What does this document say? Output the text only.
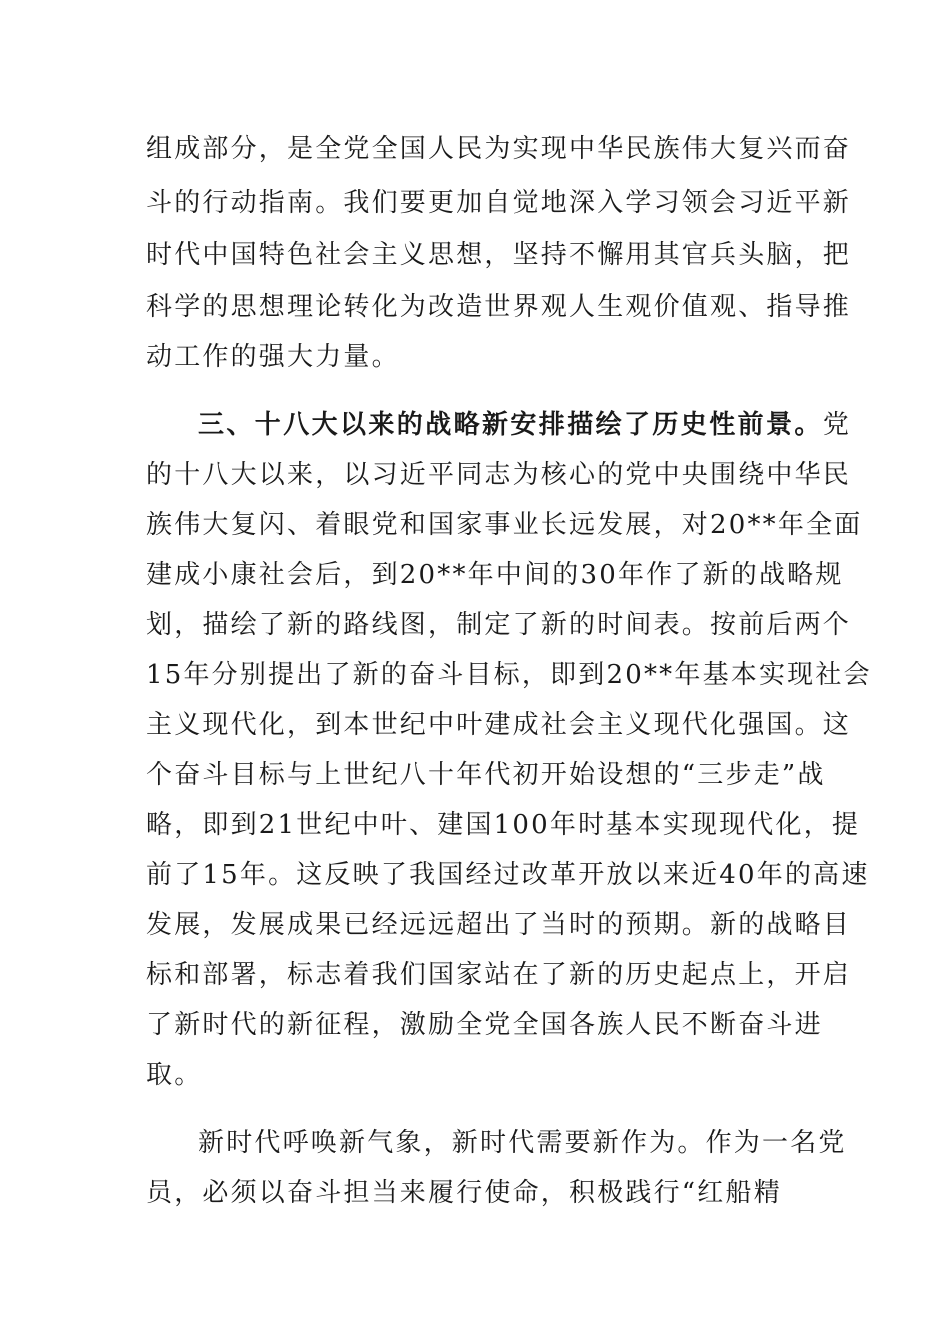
组成部分，是全党全国人民为实现中华民族伟大复兴而奋
斗的行动指南。我们要更加自觉地深入学习领会习近平新
时代中国特色社会主义思想，坚持不懈用其官兵头脑，把
科学的思想理论转化为改造世界观人生观价值观、指导推
动工作的强大力量。
三、十八大以来的战略新安排描绘了历史性前景。党
的十八大以来，以习近平同志为核心的党中央围绕中华民
族伟大复闪、着眼党和国家事业长远发展，对20**年全面
建成小康社会后，到20**年中间的30年作了新的战略规
划，描绘了新的路线图，制定了新的时间表。按前后两个
15年分别提出了新的奋斗目标，即到20**年基本实现社会
主义现代化，到本世纪中叶建成社会主义现代化强国。这
个奋斗目标与上世纪八十年代初开始设想的“三步走”战
略，即到21世纪中叶、建国100年时基本实现现代化，提
前了15年。这反映了我国经过改革开放以来近40年的高速
发展，发展成果已经远远超出了当时的预期。新的战略目
标和部署，标志着我们国家站在了新的历史起点上，开启
了新时代的新征程，激励全党全国各族人民不断奋斗进
取。
新时代呼唤新气象，新时代需要新作为。作为一名党
员，必须以奋斗担当来履行使命，积极践行“红船精
